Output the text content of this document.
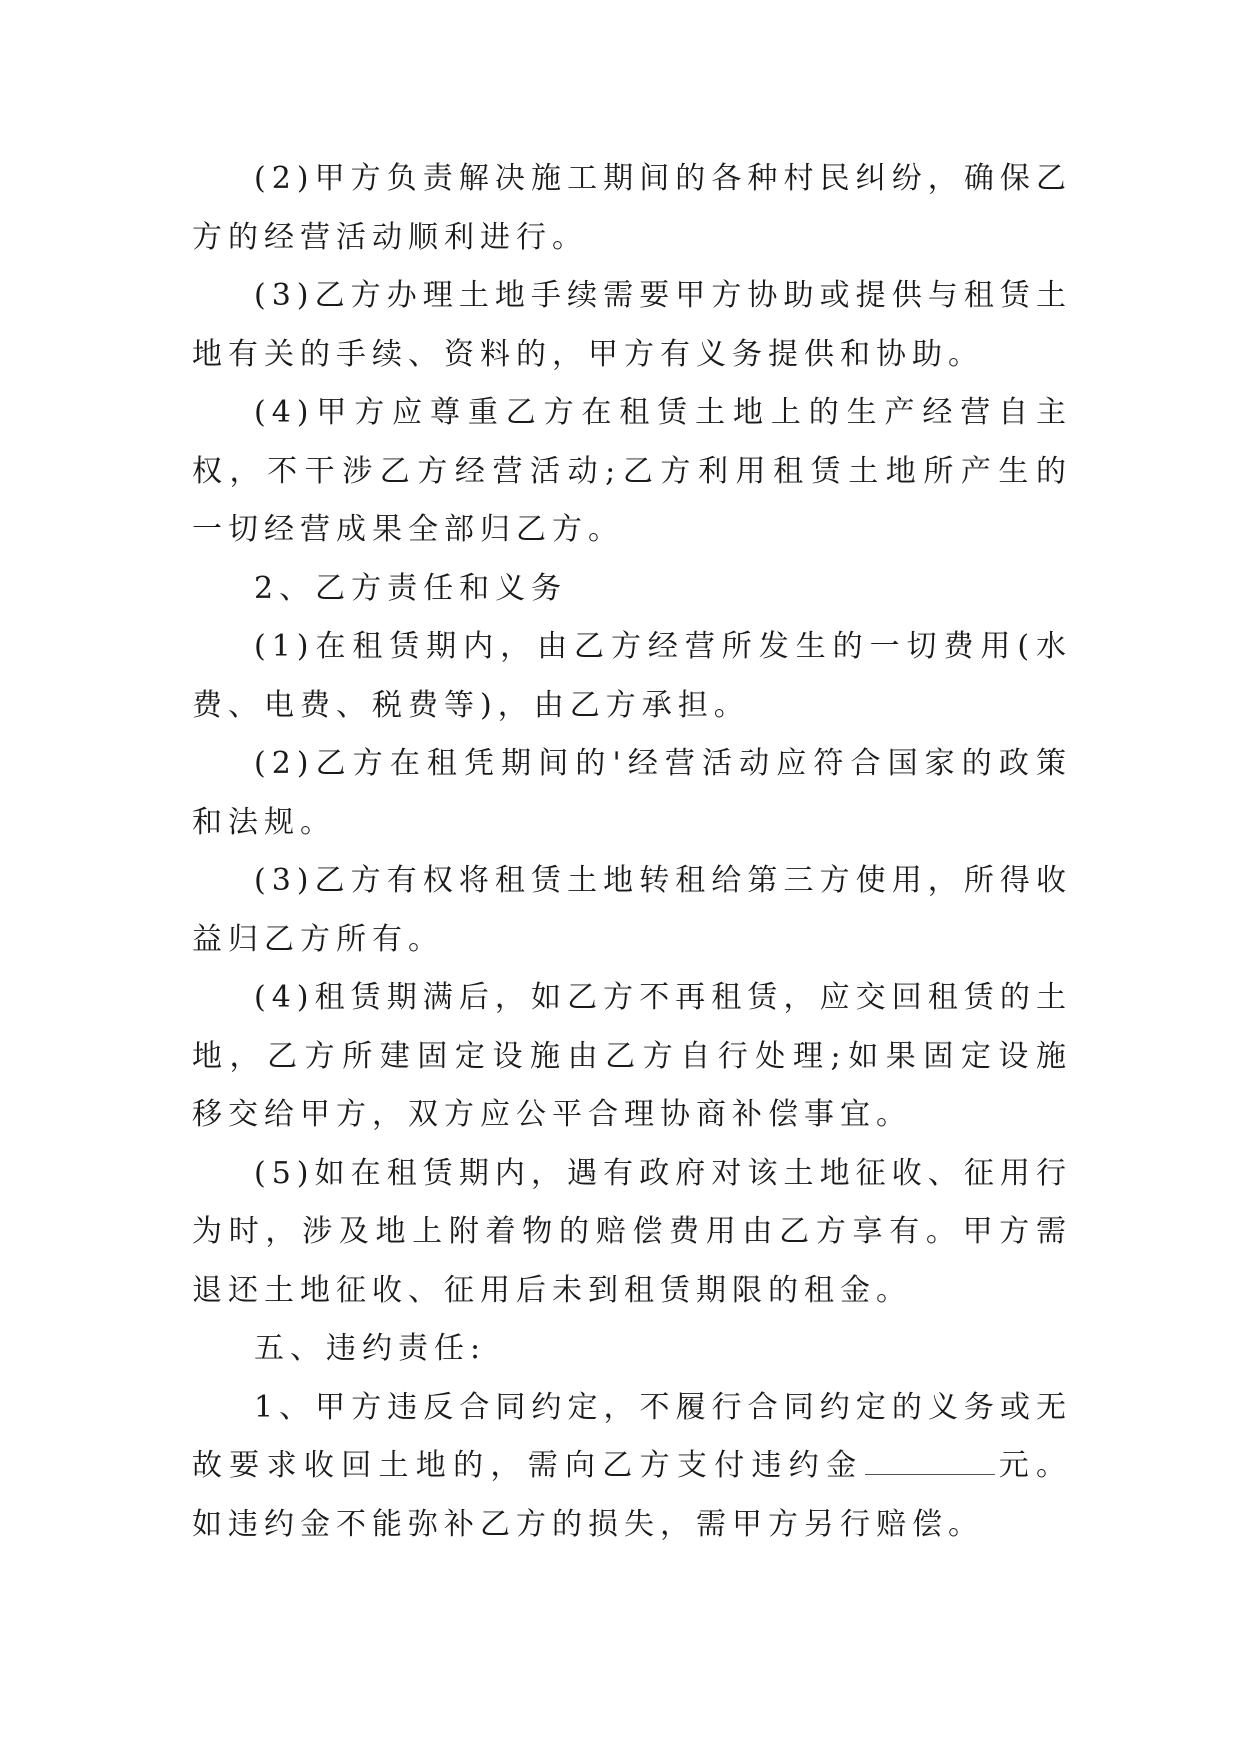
(2)甲方负责解决施工期间的各种村民纠纷，确保乙方的经营活动顺利进行。

(3)乙方办理土地手续需要甲方协助或提供与租赁土地有关的手续、资料的，甲方有义务提供和协助。

(4)甲方应尊重乙方在租赁土地上的生产经营自主权，不干涉乙方经营活动;乙方利用租赁土地所产生的一切经营成果全部归乙方。

2、乙方责任和义务

(1)在租赁期内，由乙方经营所发生的一切费用(水费、电费、税费等)，由乙方承担。

(2)乙方在租凭期间的'经营活动应符合国家的政策和法规。

(3)乙方有权将租赁土地转租给第三方使用，所得收益归乙方所有。

(4)租赁期满后，如乙方不再租赁，应交回租赁的土地，乙方所建固定设施由乙方自行处理;如果固定设施移交给甲方，双方应公平合理协商补偿事宜。

(5)如在租赁期内，遇有政府对该土地征收、征用行为时，涉及地上附着物的赔偿费用由乙方享有。甲方需退还土地征收、征用后未到租赁期限的租金。

五、违约责任:

1、甲方违反合同约定，不履行合同约定的义务或无故要求收回土地的，需向乙方支付违约金	元。如违约金不能弥补乙方的损失，需甲方另行赔偿。
